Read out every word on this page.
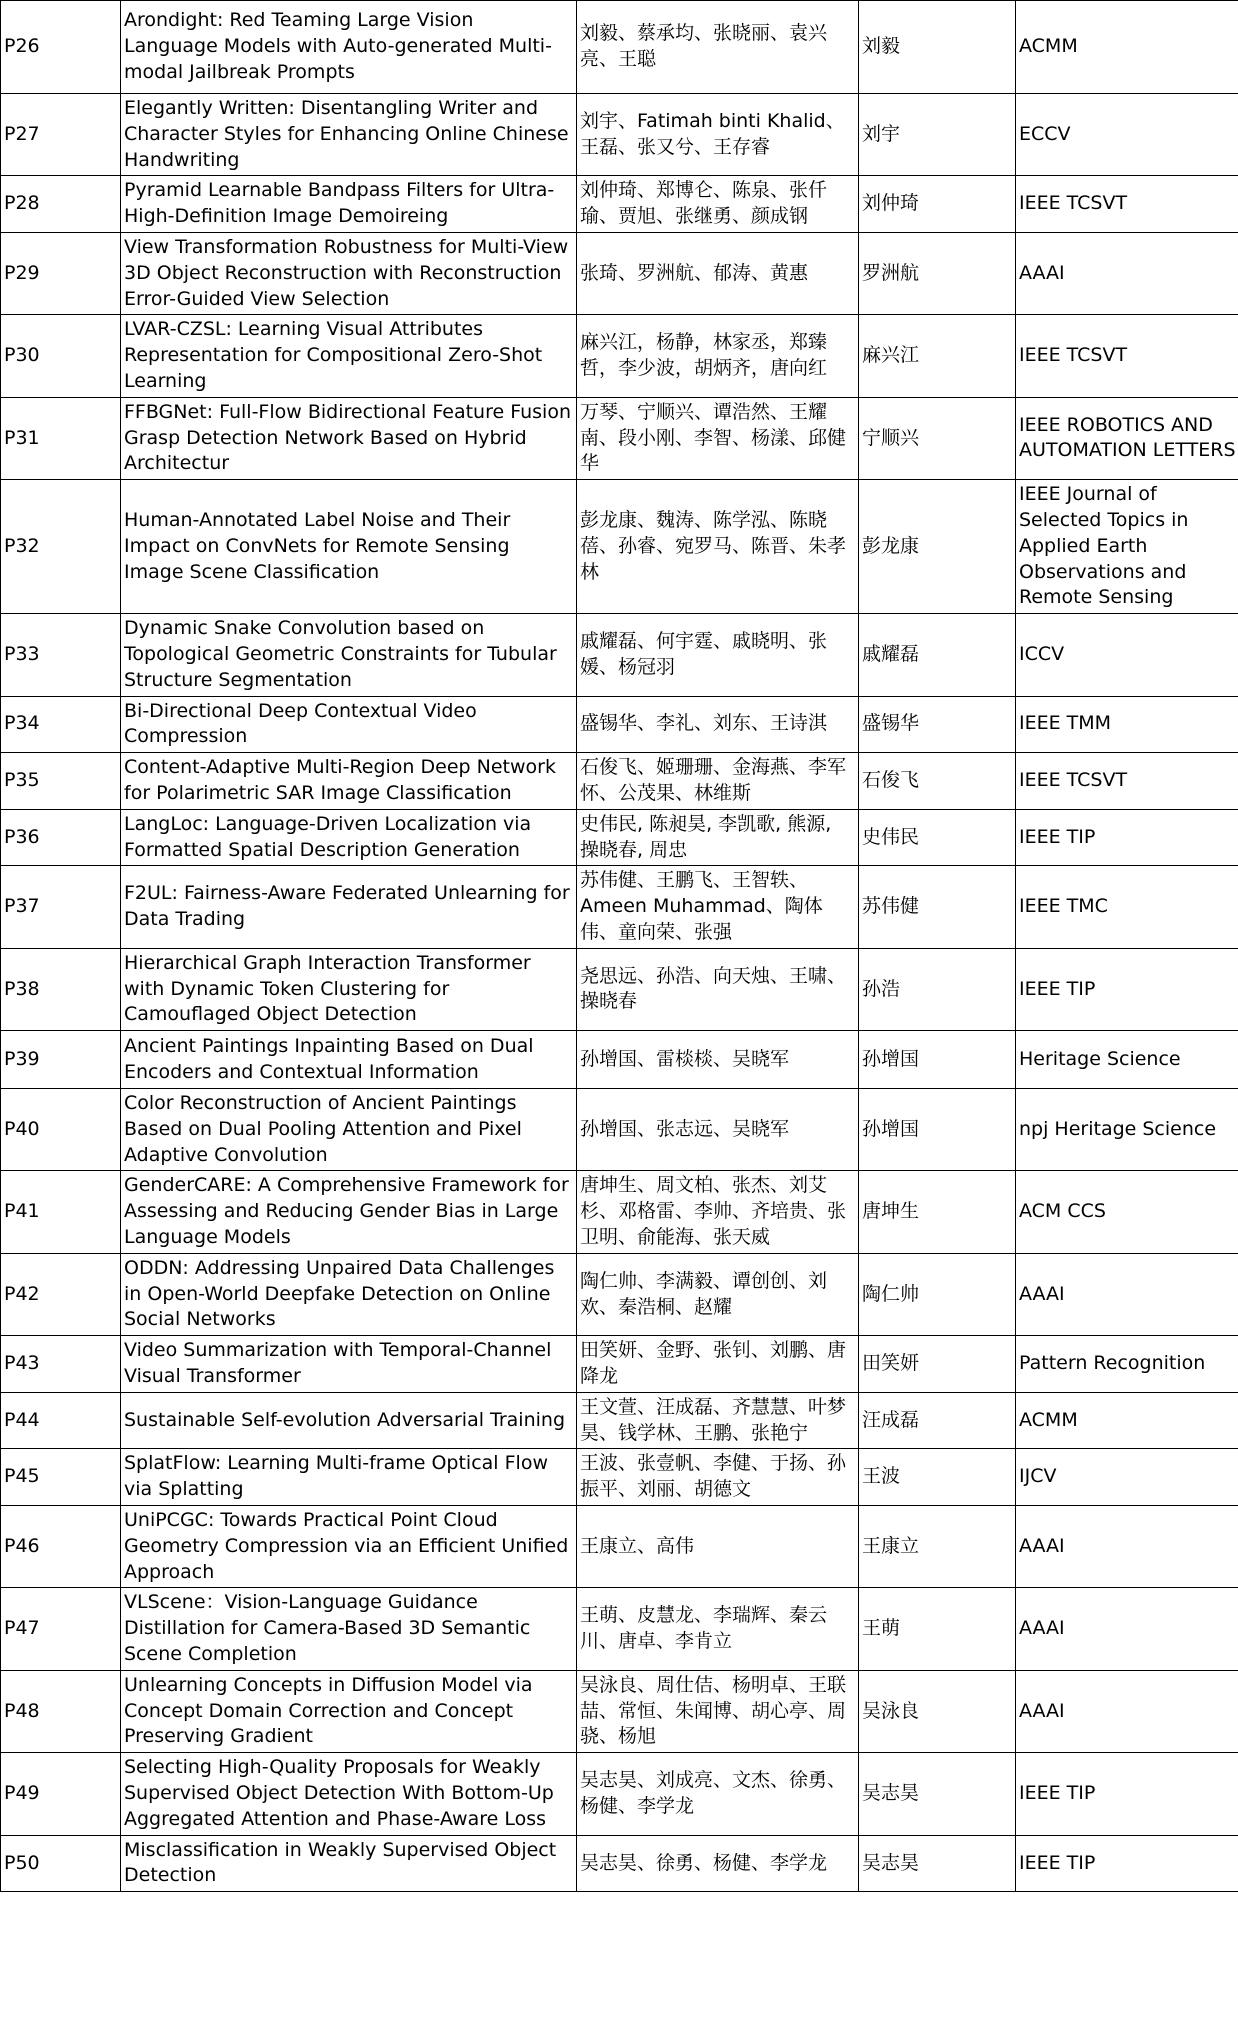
P26	Arondight: Red Teaming Large Vision Language Models with Auto-generated Multi-modal Jailbreak Prompts	刘毅、蔡承均、张晓丽、袁兴亮、王聪	刘毅	ACMM
P27	Elegantly Written: Disentangling Writer and Character Styles for Enhancing Online Chinese Handwriting	刘宇、Fatimah binti Khalid、 王磊、张又兮、王存睿	刘宇	ECCV
P28	Pyramid Learnable Bandpass Filters for Ultra-High-Definition Image Demoireing	刘仲琦、郑博仑、陈泉、张仟瑜、贾旭、张继勇、颜成钢	刘仲琦	IEEE TCSVT
P29	View Transformation Robustness for Multi-View 3D Object Reconstruction with Reconstruction Error-Guided View Selection	张琦、罗洲航、郁涛、黄惠	罗洲航	AAAI
P30	LVAR-CZSL: Learning Visual Attributes Representation for Compositional Zero-Shot Learning	麻兴江，杨静，林家丞，郑臻哲，李少波，胡炳齐，唐向红	麻兴江	IEEE TCSVT
P31	FFBGNet: Full-Flow Bidirectional Feature Fusion Grasp Detection Network Based on Hybrid Architectur	万琴、宁顺兴、谭浩然、王耀南、段小刚、李智、杨漾、邱健华	宁顺兴	IEEE ROBOTICS AND AUTOMATION LETTERS
P32	Human-Annotated Label Noise and Their Impact on ConvNets for Remote Sensing Image Scene Classification	彭龙康、魏涛、陈学泓、陈晓蓓、孙睿、宛罗马、陈晋、朱孝林	彭龙康	IEEE Journal of Selected Topics in Applied Earth Observations and Remote Sensing
P33	Dynamic Snake Convolution based on Topological Geometric Constraints for Tubular Structure Segmentation	戚耀磊、何宇霆、戚晓明、张媛、杨冠羽	戚耀磊	ICCV
P34	Bi-Directional Deep Contextual Video Compression	盛锡华、李礼、刘东、王诗淇	盛锡华	IEEE TMM
P35	Content-Adaptive Multi-Region Deep Network for Polarimetric SAR Image Classification	石俊飞、姬珊珊、金海燕、李军怀、公茂果、林维斯	石俊飞	IEEE TCSVT
P36	LangLoc: Language-Driven Localization via Formatted Spatial Description Generation	史伟民, 陈昶昊, 李凯歌, 熊源, 操晓春, 周忠	史伟民	IEEE TIP
P37	F2UL: Fairness-Aware Federated Unlearning for Data Trading	苏伟健、王鹏飞、王智轶、Ameen Muhammad、陶体伟、童向荣、张强	苏伟健	IEEE TMC
P38	Hierarchical Graph Interaction Transformer with Dynamic Token Clustering for Camouflaged Object Detection	尧思远、孙浩、向天烛、王啸、操晓春	孙浩	IEEE TIP
P39	Ancient Paintings Inpainting Based on Dual Encoders and Contextual Information	孙增国、雷棪棪、吴晓军	孙增国	Heritage Science
P40	Color Reconstruction of Ancient Paintings Based on Dual Pooling Attention and Pixel Adaptive Convolution	孙增国、张志远、吴晓军	孙增国	npj Heritage Science
P41	GenderCARE: A Comprehensive Framework for Assessing and Reducing Gender Bias in Large Language Models	唐坤生、周文柏、张杰、刘艾杉、邓格雷、李帅、齐培贵、张卫明、俞能海、张天威	唐坤生	ACM CCS
P42	ODDN: Addressing Unpaired Data Challenges in Open-World Deepfake Detection on Online Social Networks	陶仁帅、李满毅、谭创创、刘欢、秦浩桐、赵耀	陶仁帅	AAAI
P43	Video Summarization with Temporal-Channel Visual Transformer	田笑妍、金野、张钊、刘鹏、唐降龙	田笑妍	Pattern Recognition
P44	Sustainable Self-evolution Adversarial Training	王文萱、汪成磊、齐慧慧、叶梦昊、钱学林、王鹏、张艳宁	汪成磊	ACMM
P45	SplatFlow: Learning Multi-frame Optical Flow via Splatting	王波、张壹帆、李健、于扬、孙振平、刘丽、胡德文	王波	IJCV
P46	UniPCGC: Towards Practical Point Cloud Geometry Compression via an Efficient Unified Approach	王康立、高伟	王康立	AAAI
P47	VLScene：Vision-Language Guidance Distillation for Camera-Based 3D Semantic Scene Completion	王萌、皮慧龙、李瑞辉、秦云川、唐卓、李肯立	王萌	AAAI
P48	Unlearning Concepts in Diffusion Model via Concept Domain Correction and Concept Preserving Gradient	吴泳良、周仕佶、杨明卓、王联喆、常恒、朱闻博、胡心亭、周骁、杨旭	吴泳良	AAAI
P49	Selecting High-Quality Proposals for Weakly Supervised Object Detection With Bottom-Up Aggregated Attention and Phase-Aware Loss	吴志昊、刘成亮、文杰、徐勇、杨健、李学龙	吴志昊	IEEE TIP
P50	Misclassification in Weakly Supervised Object Detection	吴志昊、徐勇、杨健、李学龙	吴志昊	IEEE TIP
